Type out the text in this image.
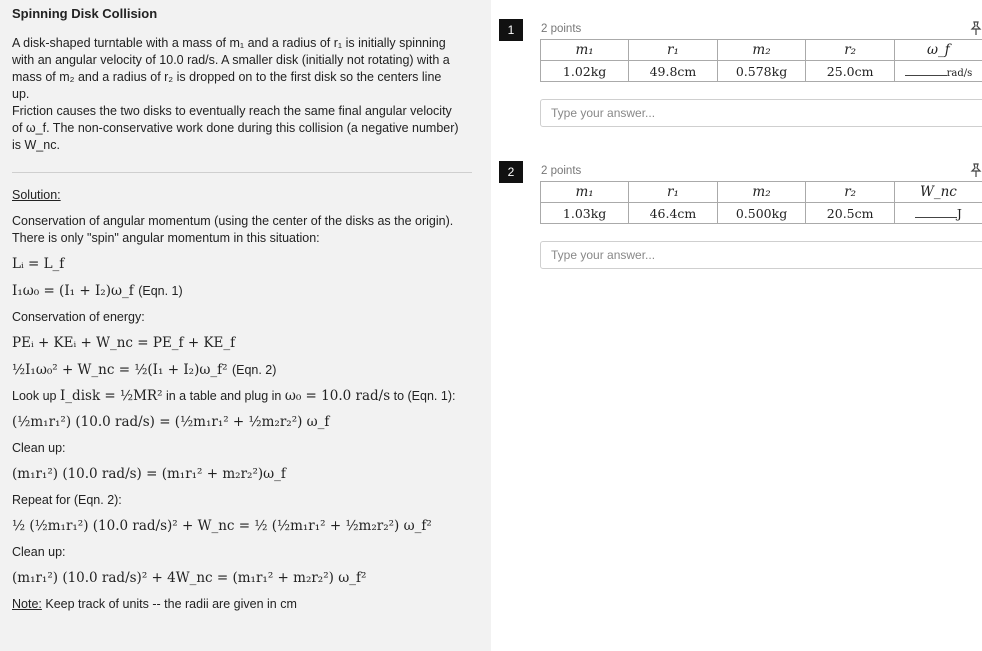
Spinning Disk Collision

A disk-shaped turntable with a mass of m₁ and a radius of r₁ is initially spinning

with an angular velocity of 10.0 rad/s. A smaller disk (initially not rotating) with a

mass of m₂ and a radius of r₂ is dropped on to the first disk so the centers line

up.

Friction causes the two disks to eventually reach the same final angular velocity

of ω_f. The non-conservative work done during this collision (a negative number)

is W_nc.

Solution:

Conservation of angular momentum (using the center of the disks as the origin).

There is only "spin" angular momentum in this situation:

Lᵢ = L_f

I₁ω₀ = (I₁ + I₂)ω_f (Eqn. 1)

Conservation of energy:

PEᵢ + KEᵢ + W_nc = PE_f + KE_f

½I₁ω₀² + W_nc = ½(I₁ + I₂)ω_f² (Eqn. 2)

Look up I_disk = ½MR² in a table and plug in ω₀ = 10.0 rad/s to (Eqn. 1):

(½m₁r₁²) (10.0 rad/s) = (½m₁r₁² + ½m₂r₂²) ω_f

Clean up:

(m₁r₁²) (10.0 rad/s) = (m₁r₁² + m₂r₂²)ω_f

Repeat for (Eqn. 2):

½ (½m₁r₁²) (10.0 rad/s)² + W_nc = ½ (½m₁r₁² + ½m₂r₂²) ω_f²

Clean up:

(m₁r₁²) (10.0 rad/s)² + 4W_nc = (m₁r₁² + m₂r₂²) ω_f²

Note: Keep track of units -- the radii are given in cm

1	2 points
m₁	r₁	m₂	r₂	ω_f
1.02kg	49.8cm	0.578kg	25.0cm	rad/s
Type your answer...
2	2 points
m₁	r₁	m₂	r₂	W_nc
1.03kg	46.4cm	0.500kg	20.5cm	J
Type your answer...
